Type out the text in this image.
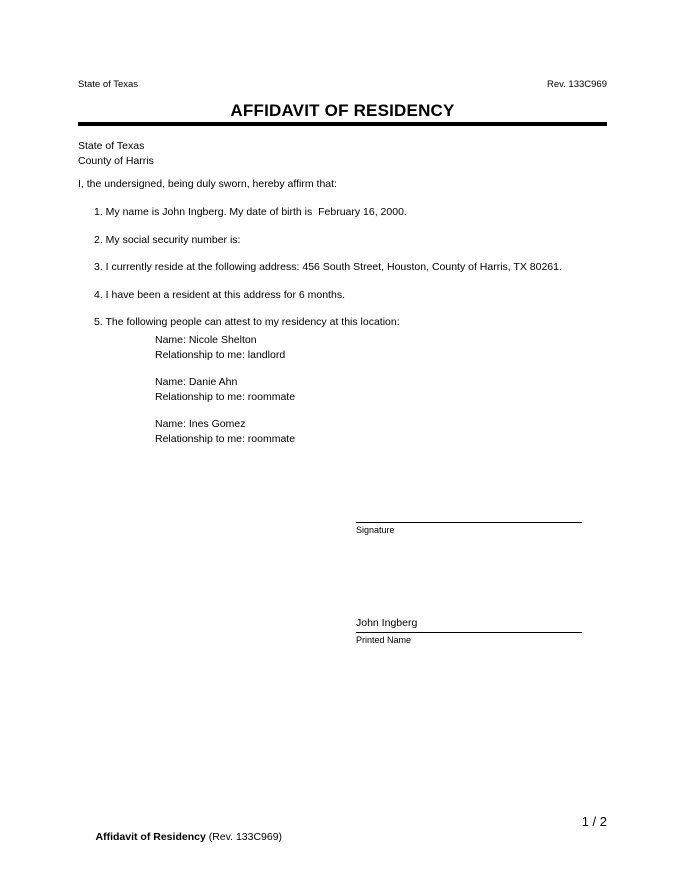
State of Texas	Rev. 133C969
AFFIDAVIT OF RESIDENCY
State of Texas
County of Harris
I, the undersigned, being duly sworn, hereby affirm that:
1. My name is John Ingberg. My date of birth is  February 16, 2000.
2. My social security number is:
3. I currently reside at the following address: 456 South Street, Houston, County of Harris, TX 80261.
4. I have been a resident at this address for 6 months.
5. The following people can attest to my residency at this location:
Name: Nicole Shelton
Relationship to me: landlord
Name: Danie Ahn
Relationship to me: roommate
Name: Ines Gomez
Relationship to me: roommate
Signature
John Ingberg
Printed Name

Affidavit of Residency (Rev. 133C969)

1 / 2
